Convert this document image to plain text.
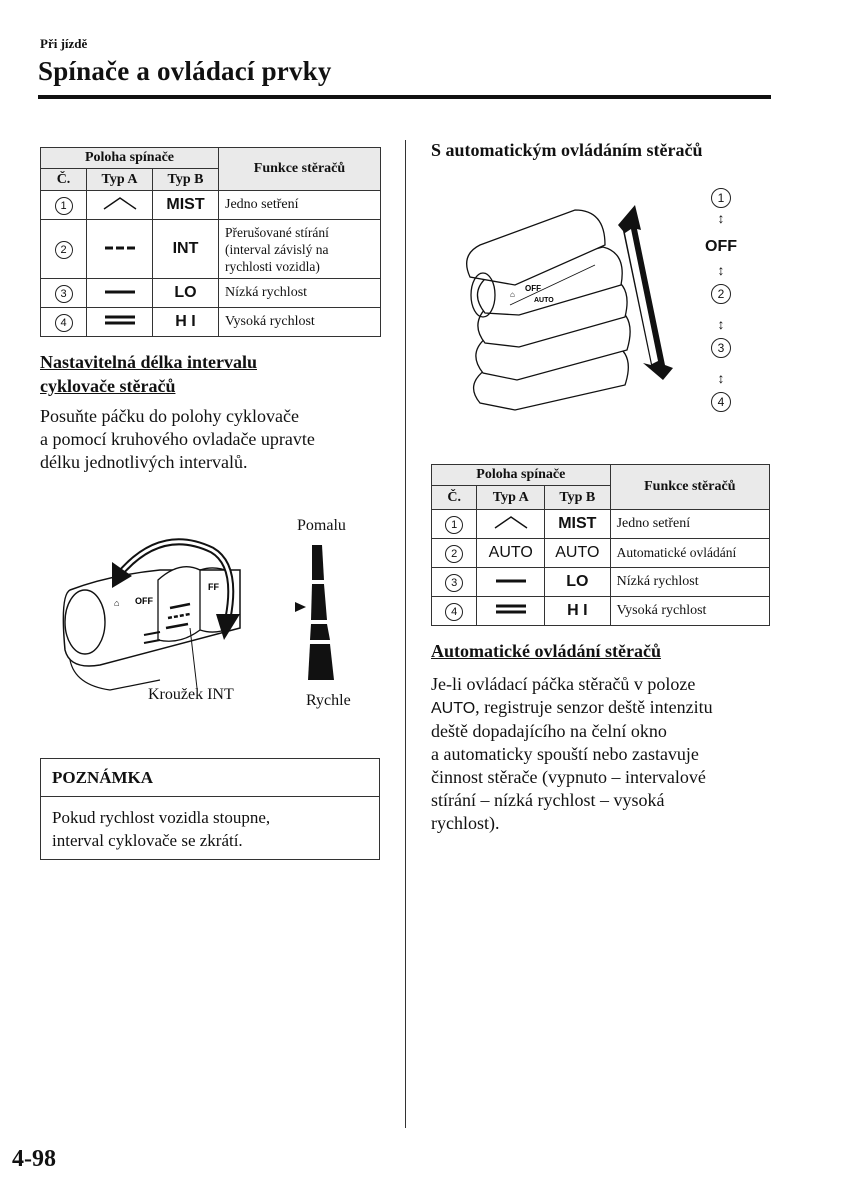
Při jízdě
Spínače a ovládací prvky
Poloha spínače			Funkce stěračů
Č.	Typ A	Typ B	
1		MIST	Jedno setření
2		INT	Přerušované stírání (interval závislý na rychlosti vozidla)
3		LO	Nízká rychlost
4		H I	Vysoká rychlost
Nastavitelná délka intervalu
cyklovače stěračů
Posuňte páčku do polohy cyklovače
a pomocí kruhového ovladače upravte
délku jednotlivých intervalů.
⌂ OFF
FF
Pomalu
Rychle
Kroužek INT
POZNÁMKA
Pokud rychlost vozidla stoupne,
interval cyklovače se zkrátí.
S automatickým ovládáním stěračů
⌂
OFF
AUTO
1
↕
OFF
↕
2
↕
3
↕
4
Poloha spínače			Funkce stěračů
Č.	Typ A	Typ B	
1		MIST	Jedno setření
2	AUTO	AUTO	Automatické ovládání
3		LO	Nízká rychlost
4		H I	Vysoká rychlost
Automatické ovládání stěračů
Je-li ovládací páčka stěračů v poloze
AUTO, registruje senzor deště intenzitu
deště dopadajícího na čelní okno
a automaticky spouští nebo zastavuje
činnost stěrače (vypnuto – intervalové
stírání – nízká rychlost – vysoká
rychlost).
4-98
